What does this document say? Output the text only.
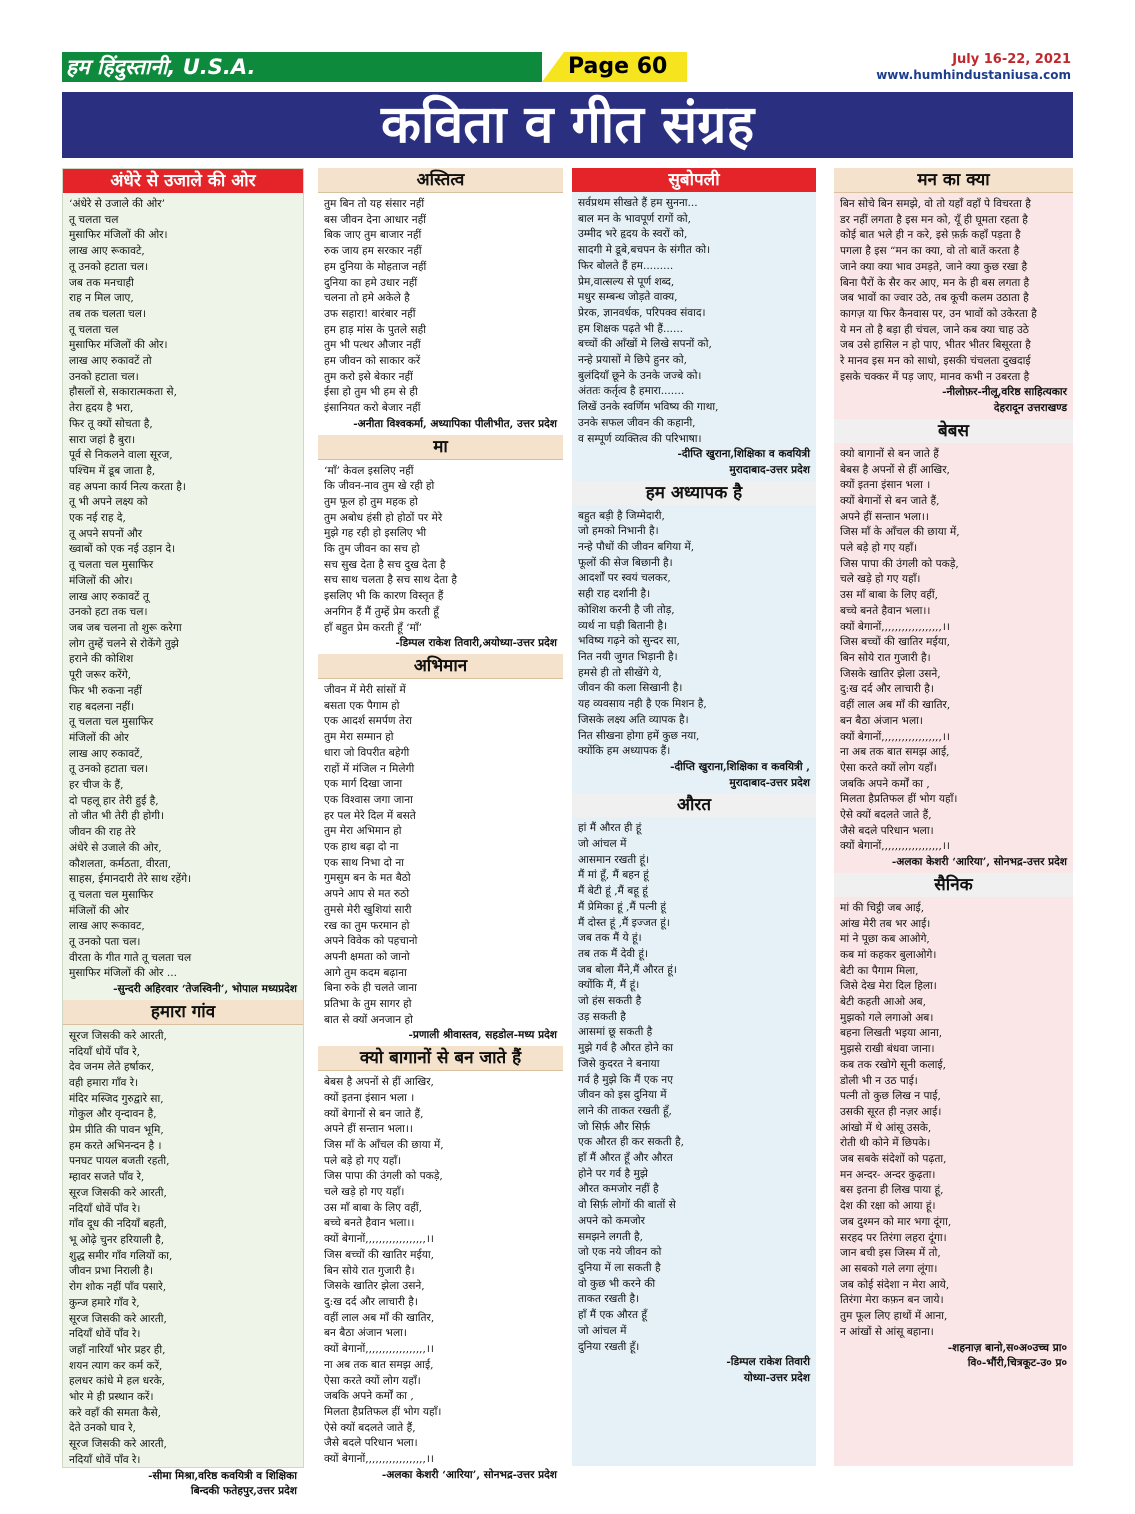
हम हिंदुस्तानी, U.S.A.	Page 60	July 16-22, 2021
www.humhindustaniusa.com
कविता व गीत संग्रह
अंधेरे से उजाले की ओर
‘अंधेरे से उजाले की ओर’
तू चलता चल
मुसाफिर मंजिलों की ओर।
लाख आए रूकावटे,
तू उनको हटाता चल।
जब तक मनचाही
राह न मिल जाए,
तब तक चलता चल।
तू चलता चल
मुसाफिर मंजिलों की ओर।
लाख आए रुकावटें तो
उनको हटाता चल।
हौसलों से, सकारात्मकता से,
तेरा हृदय है भरा,
फिर तू क्यों सोचता है,
सारा जहां है बुरा।
पूर्व से निकलने वाला सूरज,
पश्चिम में डूब जाता है,
वह अपना कार्य नित्य करता है।
तू भी अपने लक्ष्य को
एक नई राह दे,
तू अपने सपनों और
ख्वाबों को एक नई उड़ान दे।
तू चलता चल मुसाफिर
मंजिलों की ओर।
लाख आए रुकावटें तू
उनको हटा तक चल।
जब जब चलना तो शुरू करेगा
लोग तुम्हें चलने से रोकेंगे तुझे
हराने की कोशिश
पूरी जरूर करेंगे,
फिर भी रुकना नहीं
राह बदलना नहीं।
तू चलता चल मुसाफिर
मंजिलों की ओर
लाख आए रुकावटें,
तू उनको हटाता चल।
हर चीज के हैं,
दो पहलू हार तेरी हुई है,
तो जीत भी तेरी ही होगी।
जीवन की राह तेरे
अंधेरे से उजाले की ओर,
कौशलता, कर्मठता, वीरता,
साहस, ईमानदारी तेरे साथ रहेंगे।
तू चलता चल मुसाफिर
मंजिलों की ओर
लाख आए रूकावट,
तू उनको पता चल।
वीरता के गीत गाते तू चलता चल
मुसाफिर मंजिलों की ओर ...
-सुन्दरी अहिरवार ‘तेजस्विनी’, भोपाल मध्यप्रदेश
हमारा गांव
सूरज जिसकी करे आरती,
नदियाँ धोयें पाँव रे,
देव जनम लेते हर्षाकर,
वही हमारा गाँव रे।
मंदिर मस्जिद गुरुद्वारे सा,
गोकुल और वृन्दावन है,
प्रेम प्रीति की पावन भूमि,
हम करते अभिनन्दन है ।
पनघट पायल बजती रहती,
म्हावर सजते पाँव रे,
सूरज जिसकी करे आरती,
नदियाँ धोवें पाँव रे।
गाँव दूध की नदियाँ बहती,
भू ओढ़े चुनर हरियाली है,
शुद्ध समीर गाँव गलियों का,
जीवन प्रभा निराली है।
रोग शोक नहीं पाँव पसारे,
कुन्ज हमारे गाँव रे,
सूरज जिसकी करे आरती,
नदियाँ धोवें पाँव रे।
जहाँ नारियाँ भोर प्रहर ही,
शयन त्याग कर कर्म करें,
हलधर कांधे मे हल धरके,
भोर मे ही प्रस्थान करें।
करे वहाँ की समता कैसे,
देते उनको घाव रे,
सूरज जिसकी करे आरती,
नदियाँ धोवें पाँव रे।
-सीमा मिश्रा,वरिष्ठ कवयित्री व शिक्षिका
बिन्दकी फतेहपुर,उत्तर प्रदेश
अस्तित्व
तुम बिन तो यह संसार नहीं
बस जीवन देना आधार नहीं
बिक जाए तुम बाजार नहीं
रुक जाय हम सरकार नहीं
हम दुनिया के मोहताज नहीं
दुनिया का हमे उधार नहीं
चलना तो हमे अकेले है
उफ सहारा! बारंबार नहीं
हम हाड़ मांस के पुतले सही
तुम भी पत्थर औजार नहीं
हम जीवन को साकार करें
तुम करो इसे बेकार नहीं
ईसा हो तुम भी हम से ही
इंसानियत करो बेजार नहीं
-अनीता विश्वकर्मा, अध्यापिका पीलीभीत, उत्तर प्रदेश
मा
‘माँ’ केवल इसलिए नहीं
कि जीवन-नाव तुम खे रही हो
तुम फूल हो तुम महक हो
तुम अबोध हंसी हो होठों पर मेरे
मुझे गह रही हो इसलिए भी
कि तुम जीवन का सच हो
सच सुख देता है सच दुख देता है
सच साथ चलता है सच साथ देता है
इसलिए भी कि कारण विस्तृत हैं
अनगिन हैं मैं तुम्हें प्रेम करती हूँ
हाँ बहुत प्रेम करती हूँ ‘माँ’
-डिम्पल राकेश तिवारी,अयोध्या-उत्तर प्रदेश
अभिमान
जीवन में मेरी सांसों में
बसता एक पैगाम हो
एक आदर्श समर्पण तेरा
तुम मेरा सम्मान हो
धारा जो विपरीत बहेगी
राहों में मंजिल न मिलेगी
एक मार्ग दिखा जाना
एक विश्वास जगा जाना
हर पल मेरे दिल में बसते
तुम मेरा अभिमान हो
एक हाथ बढ़ा दो ना
एक साथ निभा दो ना
गुमसुम बन के मत बैठो
अपने आप से मत रुठो
तुमसे मेरी खुशियां सारी
रख का तुम फरमान हो
अपने विवेक को पहचानो
अपनी क्षमता को जानो
आगे तुम कदम बढ़ाना
बिना रुके ही चलते जाना
प्रतिभा के तुम सागर हो
बात से क्यों अनजान हो
-प्रणाली श्रीवास्तव, सहडोल-मध्य प्रदेश
क्यो बागानों से बन जाते हैं
बेबस है अपनों से हीं आखिर,
क्यों इतना इंसान भला ।
क्यों बेगानों से बन जाते हैं,
अपने हीं सन्तान भला।।
जिस माँ के आँचल की छाया में,
पले बड़े हो गए यहाँ।
जिस पापा की उंगली को पकड़े,
चले खड़े हो गए यहाँ।
उस माँ बाबा के लिए वहीं,
बच्चे बनते हैवान भला।।
क्यों बेगानों,,,,,,,,,,,,,,,,,,।।
जिस बच्चों की खातिर मईया,
बिन सोये रात गुजारी है।
जिसके खातिर झेला उसने,
दु:ख दर्द और लाचारी है।
वहीं लाल अब माँ की खातिर,
बन बैठा अंजान भला।
क्यों बेगानों,,,,,,,,,,,,,,,,,,।।
ना अब तक बात समझ आई,
ऐसा करते क्यों लोग यहाँ।
जबकि अपने कर्मों का ,
मिलता हैप्रतिफल हीं भोग यहाँ।
ऐसे क्यों बदलते जाते हैं,
जैसे बदले परिधान भला।
क्यों बेगानों,,,,,,,,,,,,,,,,,,।।
-अलका केशरी ‘आरिया’, सोनभद्र-उत्तर प्रदेश
सुबोपली
सर्वप्रथम सीखते हैं हम सुनना...
बाल मन के भावपूर्ण रागों को,
उम्मीद भरे हृदय के स्वरों को,
सादगी मे डूबे,बचपन के संगीत को।
फिर बोलते हैं हम.........
प्रेम,वात्सल्य से पूर्ण शब्द,
मधुर सम्बन्ध जोड़ते वाक्य,
प्रेरक, ज्ञानवर्धक, परिपक्व संवाद।
हम शिक्षक पढ़ते भी हैं......
बच्चों की आँखों मे लिखे सपनों को,
नन्हे प्रयासों मे छिपे हुनर को,
बुलंदियाँ छूने के उनके जज्बे को।
अंततः कर्तृत्व है हमारा.......
लिखें उनके स्वर्णिम भविष्य की गाथा,
उनके सफल जीवन की कहानी,
व सम्पूर्ण व्यक्तित्व की परिभाषा।
-दीप्ति खुराना,शिक्षिका व कवयित्री
मुरादाबाद-उत्तर प्रदेश
हम अध्यापक है
बहुत बड़ी है जिम्मेदारी,
जो हमको निभानी है।
नन्हे पौधों की जीवन बगिया में,
फूलों की सेज बिछानी है।
आदर्शों पर स्वयं चलकर,
सही राह दर्शानी है।
कोशिश करनी है जी तोड़,
व्यर्थ ना घड़ी बितानी है।
भविष्य गढ़ने को सुन्दर सा,
नित नयी जुगत भिड़ानी है।
हमसे ही तो सीखेंगे ये,
जीवन की कला सिखानी है।
यह व्यवसाय नही है एक मिशन है,
जिसके लक्ष्य अति व्यापक है।
नित सीखना होगा हमें कुछ नया,
क्योंकि हम अध्यापक हैं।
-दीप्ति खुराना,शिक्षिका व कवयित्री ,
मुरादाबाद-उत्तर प्रदेश
औरत
हां मैं औरत ही हूं
जो आंचल में
आसमान रखती हूं।
मैं मां हूँ, मैं बहन हूं
मैं बेटी हूं ,मैं बहू हूं
मैं प्रेमिका हूं ,मैं पत्नी हूं
मैं दोस्त हूं ,मैं इज्जत हूं।
जब तक मैं ये हूं।
तब तक मैं देवी हूं।
जब बोला मैंने,मैं औरत हूं।
क्योंकि मैं, मैं हूं।
जो हंस सकती है
उड़ सकती है
आसमां छू सकती है
मुझे गर्व है औरत होने का
जिसे कुदरत ने बनाया
गर्व है मुझे कि मैं एक नए
जीवन को इस दुनिया में
लाने की ताकत रखती हूँ,
जो सिर्फ़ और सिर्फ़
एक औरत ही कर सकती है,
हाँ मैं औरत हूँ और औरत
होने पर गर्व है मुझे
औरत कमजोर नहीं है
वो सिर्फ़ लोगों की बातों से
अपने को कमजोर
समझने लगती है,
जो एक नये जीवन को
दुनिया में ला सकती है
वो कुछ भी करने की
ताकत रखती है।
हाँ मैं एक औरत हूँ
जो आंचल में
दुनिया रखती हूँ।
-डिम्पल राकेश तिवारी
योध्या-उत्तर प्रदेश
मन का क्या
बिन सोचे बिन समझे, वो तो यहाँ वहाँ पे विचरता है
डर नहीं लगता है इस मन को, यूँ ही घूमता रहता है
कोई बात भले ही न करे, इसे फ़र्क़ कहाँ पड़ता है
पगला है इस “मन का क्या, वो तो बातें करता है
जाने क्या क्या भाव उमड़ते, जाने क्या कुछ रखा है
बिना पैरों के सैर कर आए, मन के ही बस लगता है
जब भावों का ज्वार उठे, तब कूची कलम उठाता है
कागज़ या फिर कैनवास पर, उन भावों को उकेरता है
ये मन तो है बड़ा ही चंचल, जाने कब क्या चाह उठे
जब उसे हासिल न हो पाए, भीतर भीतर बिसूरता है
रे मानव इस मन को साधो, इसकी चंचलता दुखदाई
इसके चक्कर में पड़ जाए, मानव कभी न उबरता है
-नीलोफ़र-नीलू,वरिष्ठ साहित्यकार
देहरादून उत्तराखण्ड
बेबस
क्यो बागानों से बन जाते हैं
बेबस है अपनों से हीं आखिर,
क्यों इतना इंसान भला ।
क्यों बेगानों से बन जाते हैं,
अपने हीं सन्तान भला।।
जिस माँ के आँचल की छाया में,
पले बड़े हो गए यहाँ।
जिस पापा की उंगली को पकड़े,
चले खड़े हो गए यहाँ।
उस माँ बाबा के लिए वहीं,
बच्चे बनते हैवान भला।।
क्यों बेगानों,,,,,,,,,,,,,,,,,,।।
जिस बच्चों की खातिर मईया,
बिन सोये रात गुजारी है।
जिसके खातिर झेला उसने,
दु:ख दर्द और लाचारी है।
वहीं लाल अब माँ की खातिर,
बन बैठा अंजान भला।
क्यों बेगानों,,,,,,,,,,,,,,,,,,।।
ना अब तक बात समझ आई,
ऐसा करते क्यों लोग यहाँ।
जबकि अपने कर्मों का ,
मिलता हैप्रतिफल हीं भोग यहाँ।
ऐसे क्यों बदलते जाते हैं,
जैसे बदले परिधान भला।
क्यों बेगानों,,,,,,,,,,,,,,,,,,।।
-अलका केशरी ‘आरिया’, सोनभद्र-उत्तर प्रदेश
सैनिक
मां की चिट्ठी जब आई,
आंख मेरी तब भर आई।
मां ने पूछा कब आओगे,
कब मां कहकर बुलाओगे।
बेटी का पैगाम मिला,
जिसे देख मेरा दिल हिला।
बेटी कहती आओ अब,
मुझको गले लगाओ अब।
बहना लिखती भइया आना,
मुझसे राखी बंधवा जाना।
कब तक रखोगे सूनी कलाई,
डोली भी न उठ पाई।
पत्नी तो कुछ लिख न पाई,
उसकी सूरत ही नज़र आई।
आंखो में थे आंसू उसके,
रोती थी कोने में छिपके।
जब सबके संदेशों को पढ़ता,
मन अन्दर- अन्दर कुढ़ता।
बस इतना ही लिख पाया हूं,
देश की रक्षा को आया हूं।
जब दुश्मन को मार भगा दूंगा,
सरहद पर तिरंगा लहरा दूंगा।
जान बची इस जिस्म में तो,
आ सबको गले लगा लूंगा।
जब कोई संदेशा न मेरा आये,
तिरंगा मेरा कफ़न बन जाये।
तुम फूल लिए हाथों में आना,
न आंखों से आंसू बहाना।
-शहनाज़ बानो,स०अ०उच्च प्रा०
वि०-भौंरी,चित्रकूट-उ० प्र०
